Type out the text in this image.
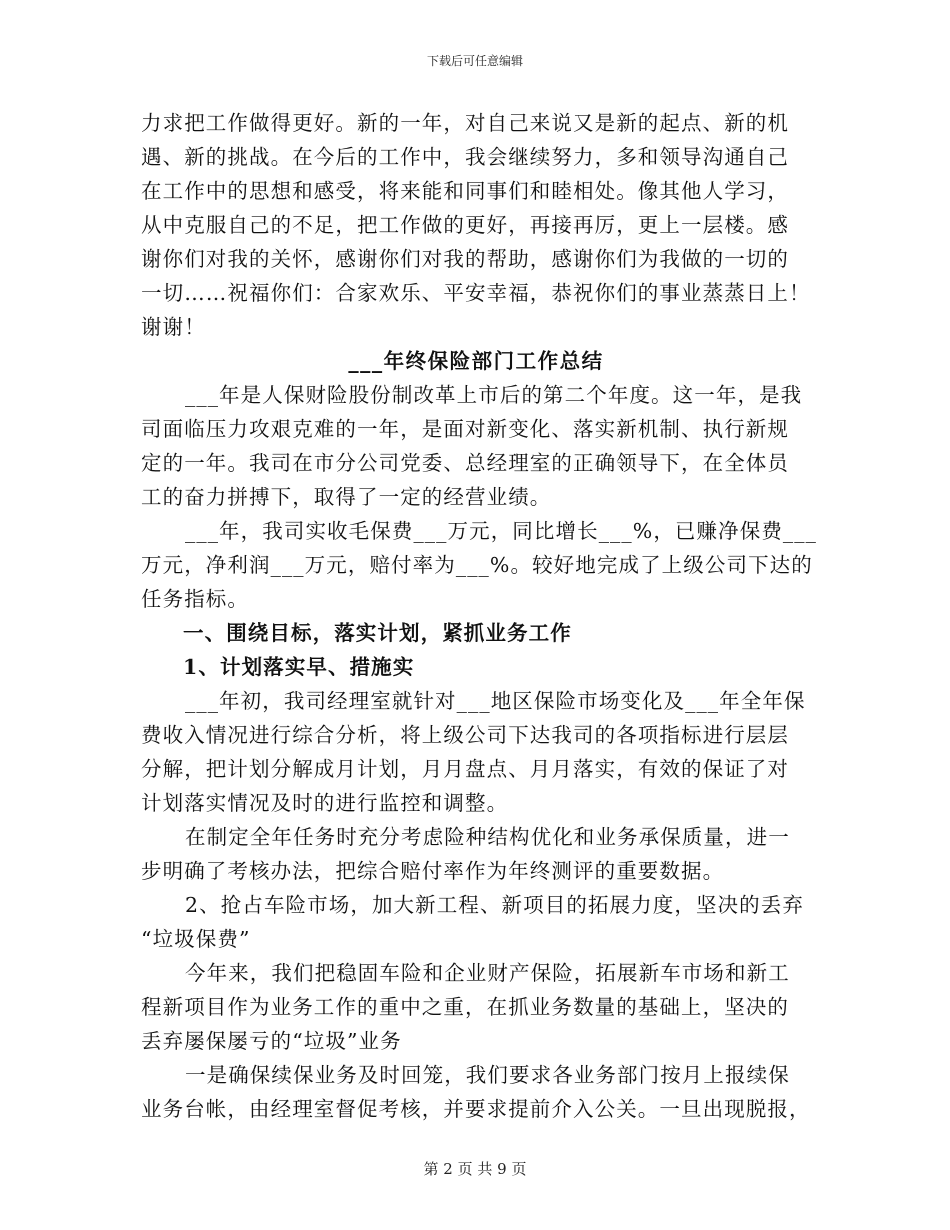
下载后可任意编辑
力求把工作做得更好。新的一年，对自己来说又是新的起点、新的机
遇、新的挑战。在今后的工作中，我会继续努力，多和领导沟通自己
在工作中的思想和感受，将来能和同事们和睦相处。像其他人学习，
从中克服自己的不足，把工作做的更好，再接再厉，更上一层楼。感
谢你们对我的关怀，感谢你们对我的帮助，感谢你们为我做的一切的
一切……祝福你们：合家欢乐、平安幸福，恭祝你们的事业蒸蒸日上！
谢谢！
___年终保险部门工作总结
___年是人保财险股份制改革上市后的第二个年度。这一年，是我
司面临压力攻艰克难的一年，是面对新变化、落实新机制、执行新规
定的一年。我司在市分公司党委、总经理室的正确领导下，在全体员
工的奋力拼搏下，取得了一定的经营业绩。
___年，我司实收毛保费___万元，同比增长___%，已赚净保费___
万元，净利润___万元，赔付率为___%。较好地完成了上级公司下达的
任务指标。
一、围绕目标，落实计划，紧抓业务工作
1、计划落实早、措施实
___年初，我司经理室就针对___地区保险市场变化及___年全年保
费收入情况进行综合分析，将上级公司下达我司的各项指标进行层层
分解，把计划分解成月计划，月月盘点、月月落实，有效的保证了对
计划落实情况及时的进行监控和调整。
在制定全年任务时充分考虑险种结构优化和业务承保质量，进一
步明确了考核办法，把综合赔付率作为年终测评的重要数据。
2、抢占车险市场，加大新工程、新项目的拓展力度，坚决的丢弃
“垃圾保费”
今年来，我们把稳固车险和企业财产保险，拓展新车市场和新工
程新项目作为业务工作的重中之重，在抓业务数量的基础上，坚决的
丢弃屡保屡亏的“垃圾”业务
一是确保续保业务及时回笼，我们要求各业务部门按月上报续保
业务台帐，由经理室督促考核，并要求提前介入公关。一旦出现脱报，
第 2 页 共 9 页
